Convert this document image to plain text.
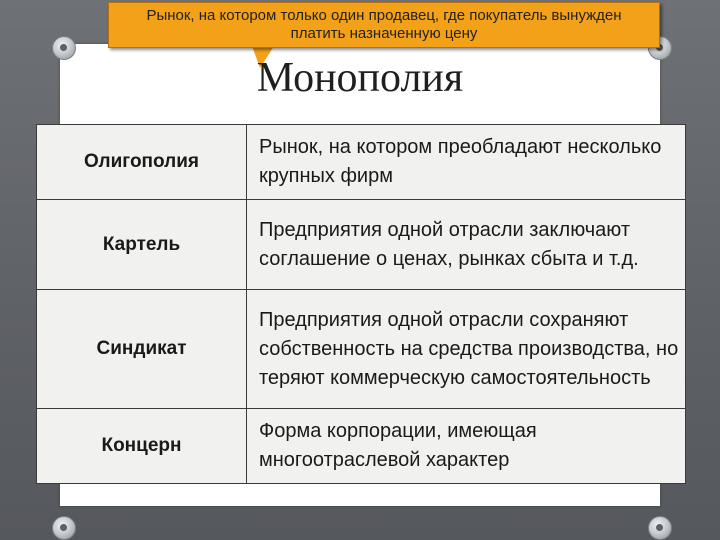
Рынок, на котором только один продавец, где покупатель вынужден платить назначенную цену
Монополия
Олигополия	Рынок, на котором преобладают несколько крупных фирм
Картель	Предприятия одной отрасли заключают соглашение о ценах, рынках сбыта и т.д.
Синдикат	Предприятия одной отрасли сохраняют собственность на средства производства, но теряют коммерческую самостоятельность
Концерн	Форма корпорации, имеющая многоотраслевой характер
